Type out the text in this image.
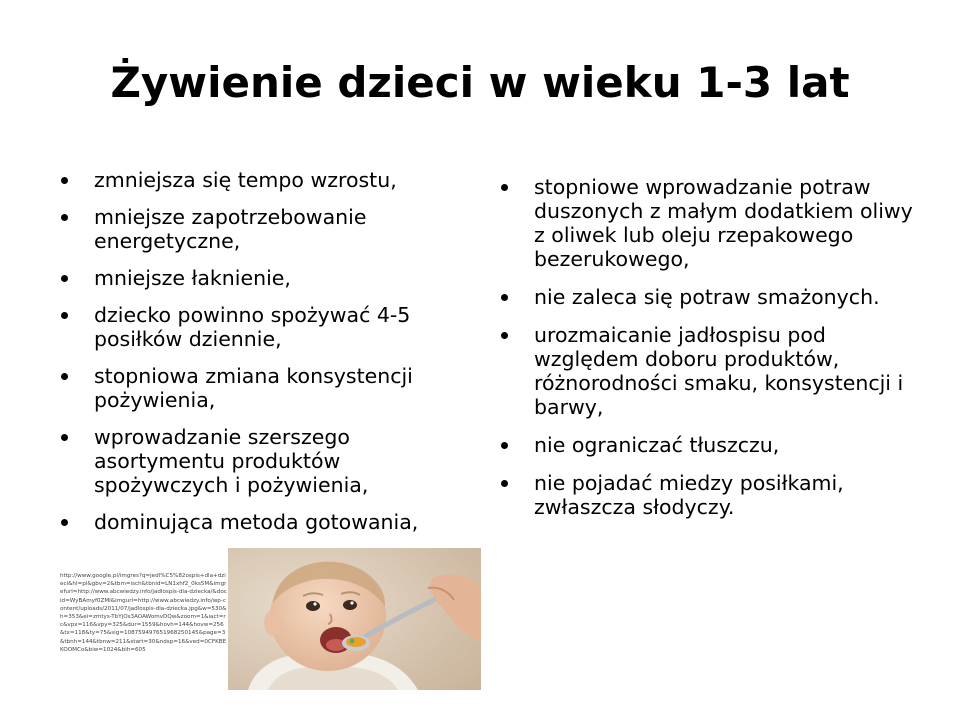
Żywienie dzieci w wieku 1-3 lat
zmniejsza się tempo wzrostu,
mniejsze zapotrzebowanie energetyczne,
mniejsze łaknienie,
dziecko powinno spożywać 4-5 posiłków dziennie,
stopniowa zmiana konsystencji pożywienia,
wprowadzanie szerszego asortymentu produktów spożywczych i pożywienia,
dominująca metoda gotowania,
stopniowe wprowadzanie potraw duszonych z małym dodatkiem oliwy z oliwek lub oleju rzepakowego bezerukowego,
nie zaleca się potraw smażonych.
urozmaicanie jadłospisu pod względem doboru produktów, różnorodności smaku, konsystencji i barwy,
nie ograniczać tłuszczu,
nie pojadać miedzy posiłkami, zwłaszcza słodyczy.
http://www.google.pl/imgres?q=jedl%C5%82ospis+dla+dzieci&hl=pl&gbv=2&tbm=isch&tbnid=LN1xhf2_0ks5M&imgrefurl=http://www.abcwiedzy.info/jadlospis-dla-dziecka/&docid=WyBAmyf0ZMI&imgurl=http://www.abcwiedzy.info/wp-content/uploads/2011/07/jadlospis-dla-dziecka.jpg&w=530&h=353&ei=zmtys-TbYjOs3AOAWomvDQw&zoom=1&iact=rc&vpx=116&vpy=325&dur=1559&hovh=144&hovw=256&tx=118&ty=75&sig=108759497651968250145&page=3&tbnh=144&tbnw=211&start=30&ndsp=16&ved=0CFKBEKOOMCo&biw=1024&bih=605
